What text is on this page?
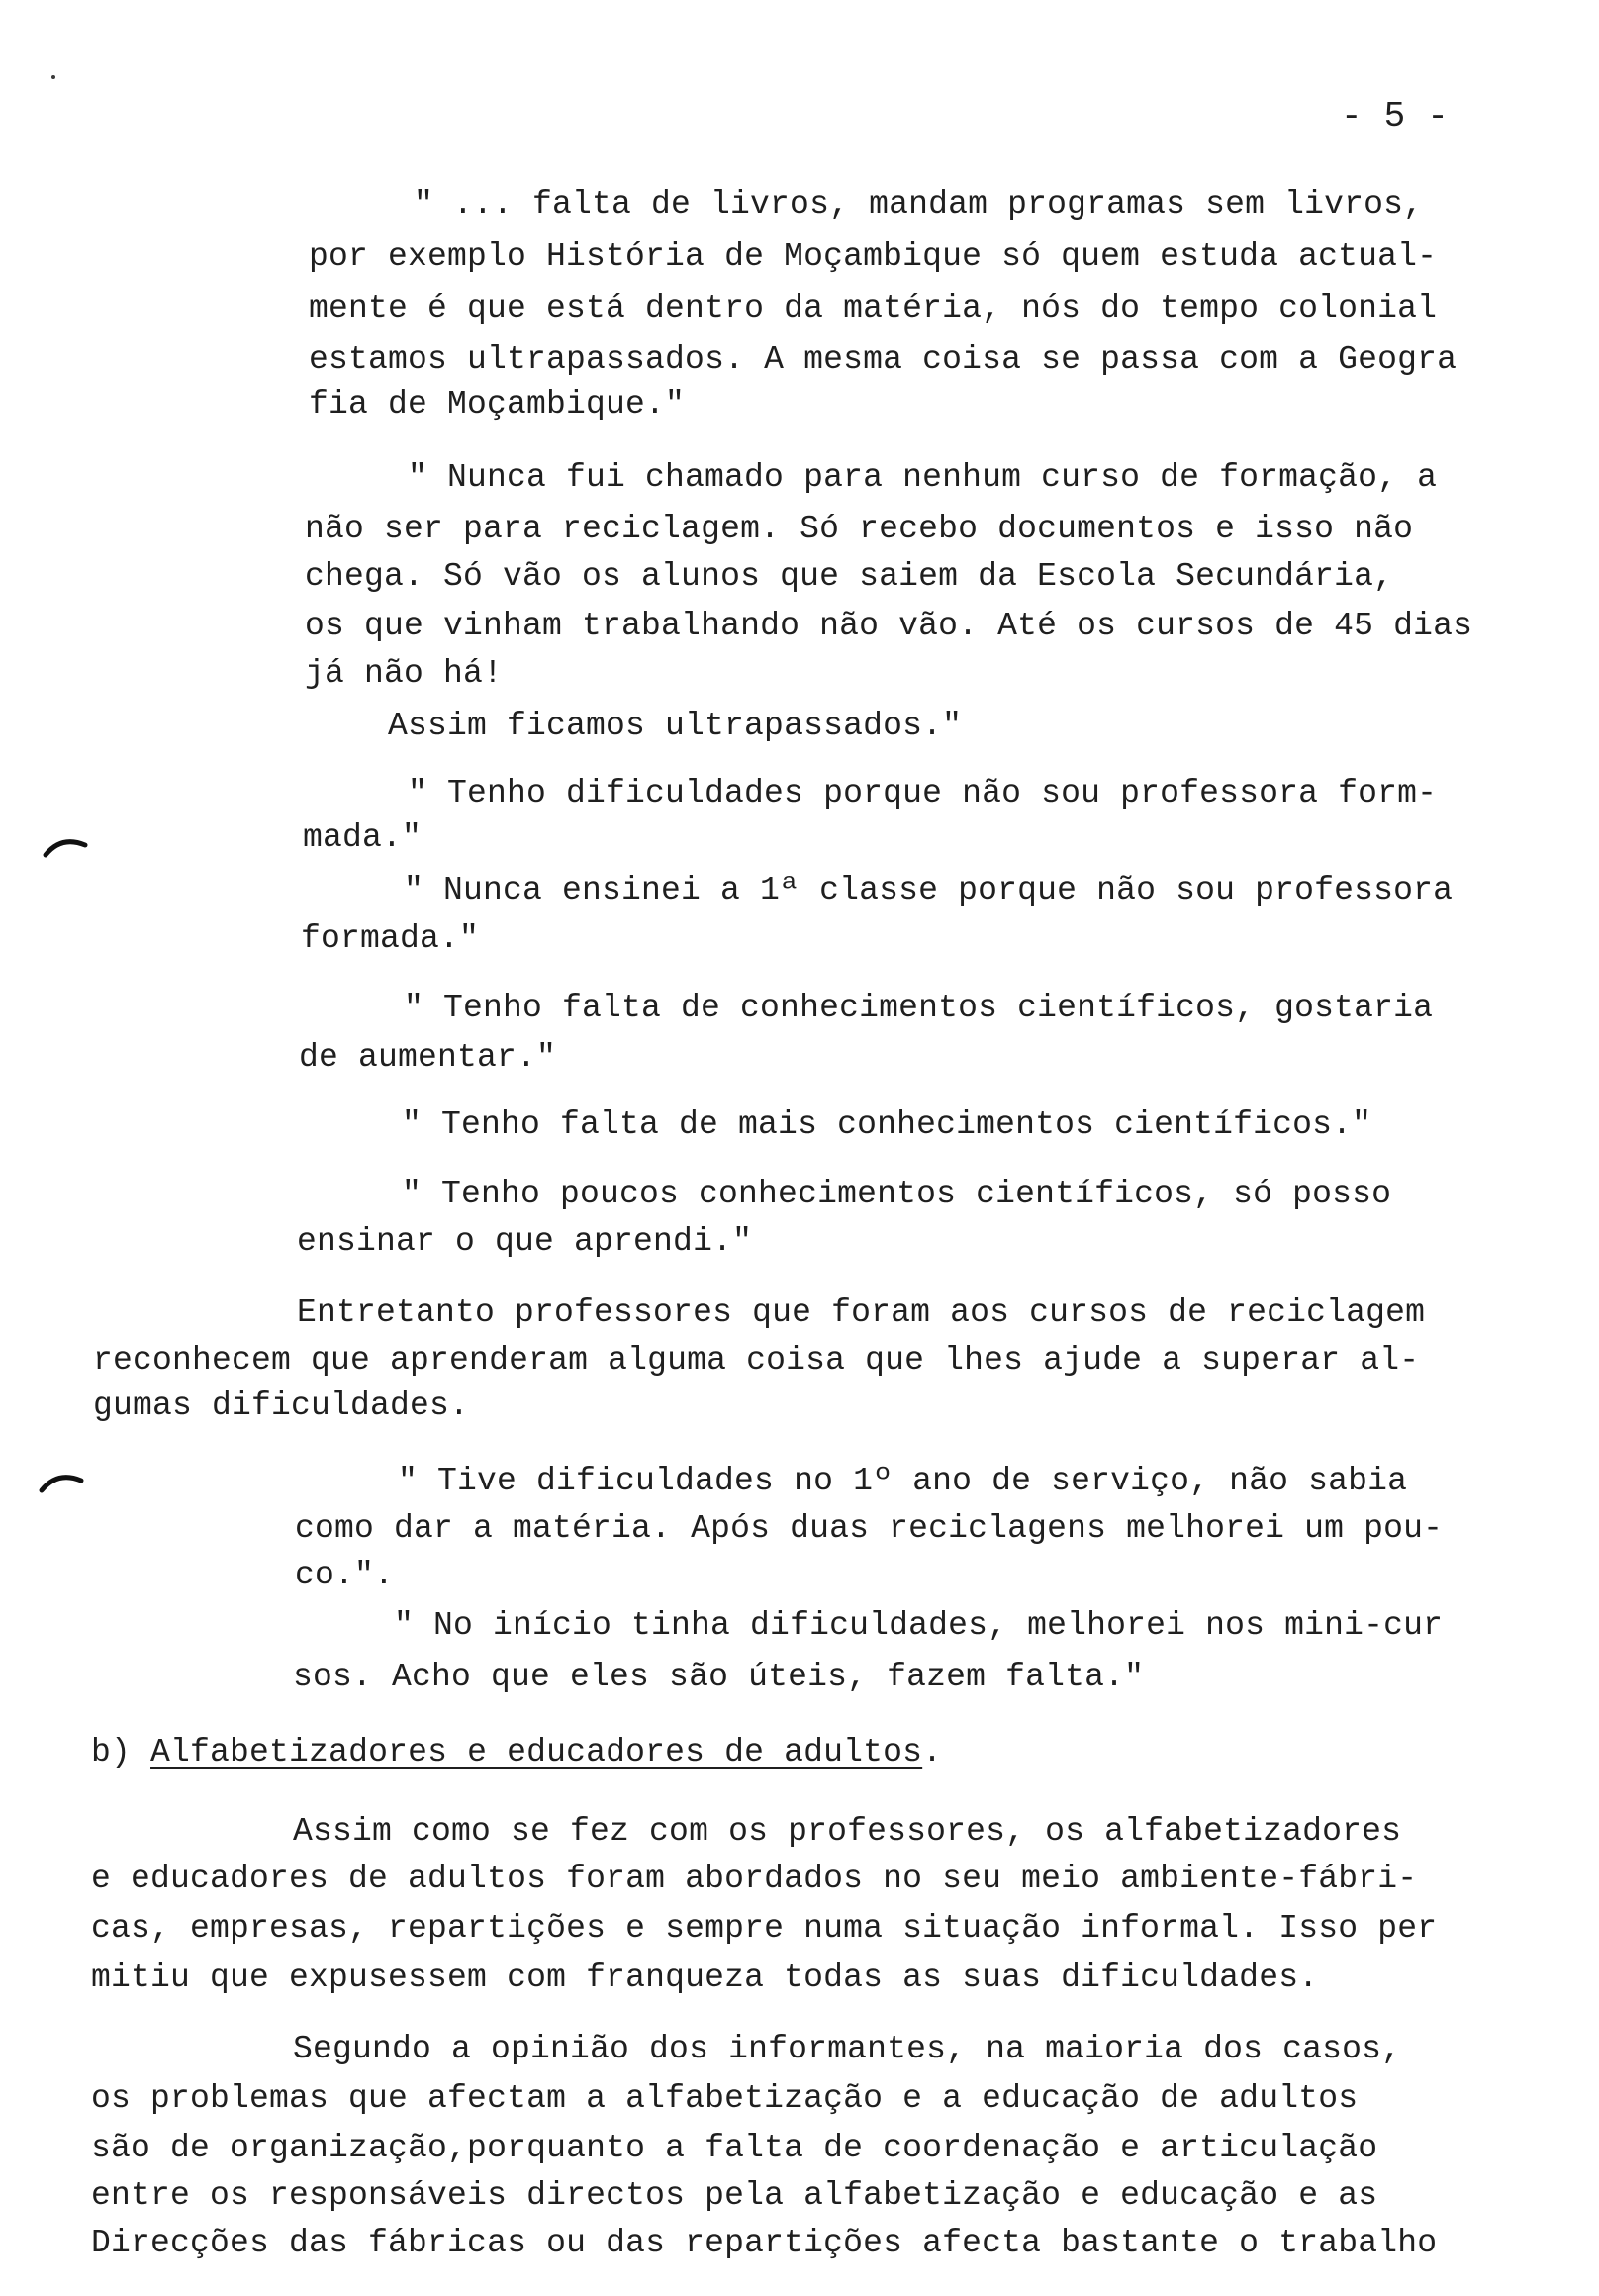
- 5 -
" ... falta de livros, mandam programas sem livros,
por exemplo História de Moçambique só quem estuda actual-
mente é que está dentro da matéria, nós do tempo colonial
estamos ultrapassados. A mesma coisa se passa com a Geogra
fia de Moçambique."
" Nunca fui chamado para nenhum curso de formação, a
não ser para reciclagem. Só recebo documentos e isso não
chega. Só vão os alunos que saiem da Escola Secundária,
os que vinham trabalhando não vão. Até os cursos de 45 dias
já não há!
Assim ficamos ultrapassados."
" Tenho dificuldades porque não sou professora form-
mada."
" Nunca ensinei a 1ª classe porque não sou professora
formada."
" Tenho falta de conhecimentos científicos, gostaria
de aumentar."
" Tenho falta de mais conhecimentos científicos."
" Tenho poucos conhecimentos científicos, só posso
ensinar o que aprendi."
Entretanto professores que foram aos cursos de reciclagem
reconhecem que aprenderam alguma coisa que lhes ajude a superar al-
gumas dificuldades.
" Tive dificuldades no 1º ano de serviço, não sabia
como dar a matéria. Após duas reciclagens melhorei um pou-
co.".
" No início tinha dificuldades, melhorei nos mini-cur
sos. Acho que eles são úteis, fazem falta."
b) Alfabetizadores e educadores de adultos.
Assim como se fez com os professores, os alfabetizadores
e educadores de adultos foram abordados no seu meio ambiente-fábri-
cas, empresas, repartições e sempre numa situação informal. Isso per
mitiu que expusessem com franqueza todas as suas dificuldades.
Segundo a opinião dos informantes, na maioria dos casos,
os problemas que afectam a alfabetização e a educação de adultos
são de organização,porquanto a falta de coordenação e articulação
entre os responsáveis directos pela alfabetização e educação e as
Direcções das fábricas ou das repartições afecta bastante o trabalho
